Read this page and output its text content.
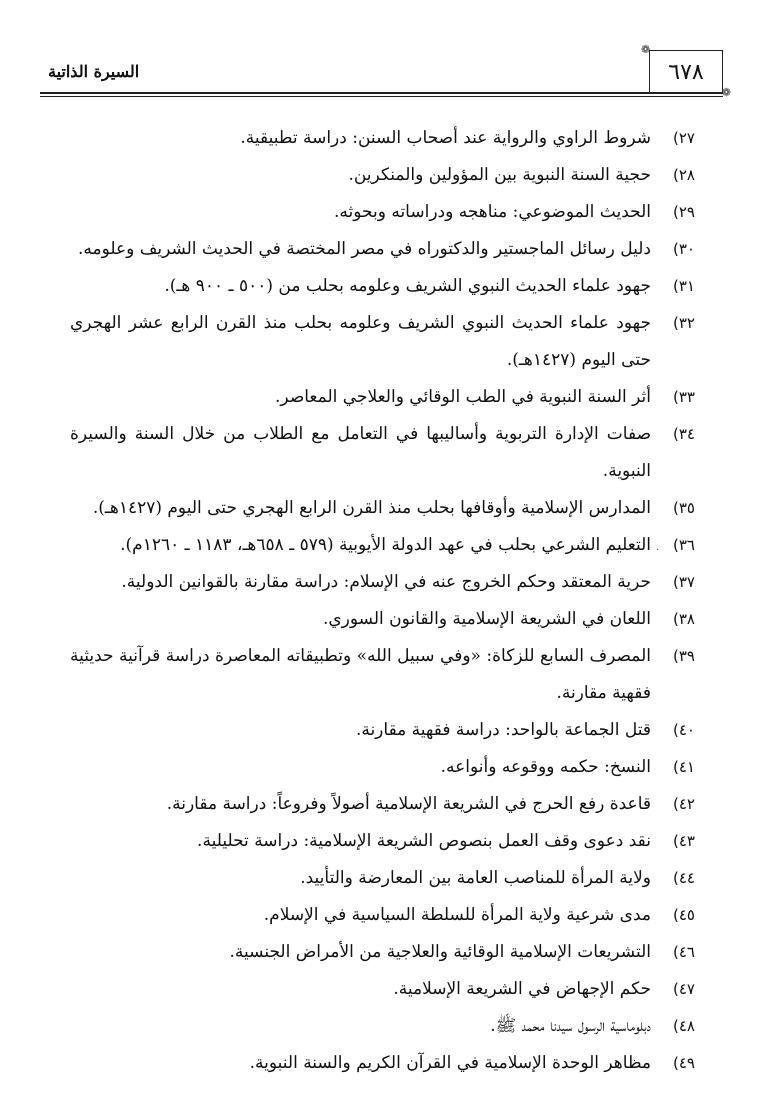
السيرة الذاتية
❁
٦٧٨
❁
٢٧)
شروط الراوي والرواية عند أصحاب السنن: دراسة تطبيقية.
٢٨)
حجية السنة النبوية بين المؤولين والمنكرين.
٢٩)
الحديث الموضوعي: مناهجه ودراساته وبحوثه.
٣٠)
دليل رسائل الماجستير والدكتوراه في مصر المختصة في الحديث الشريف وعلومه.
٣١)
جهود علماء الحديث النبوي الشريف وعلومه بحلب من (٥٠٠ ـ ٩٠٠ هـ).
٣٢)
جهود علماء الحديث النبوي الشريف وعلومه بحلب منذ القرن الرابع عشر الهجري حتى اليوم (١٤٢٧هـ).
٣٣)
أثر السنة النبوية في الطب الوقائي والعلاجي المعاصر.
٣٤)
صفات الإدارة التربوية وأساليبها في التعامل مع الطلاب من خلال السنة والسيرة النبوية.
٣٥)
المدارس الإسلامية وأوقافها بحلب منذ القرن الرابع الهجري حتى اليوم (١٤٢٧هـ).
٣٦)
التعليم الشرعي بحلب في عهد الدولة الأيوبية (٥٧٩ ـ ٦٥٨هـ، ١١٨٣ ـ ١٢٦٠م).
٣٧)
حرية المعتقد وحكم الخروج عنه في الإسلام: دراسة مقارنة بالقوانين الدولية.
٣٨)
اللعان في الشريعة الإسلامية والقانون السوري.
٣٩)
المصرف السابع للزكاة: «وفي سبيل الله» وتطبيقاته المعاصرة دراسة قرآنية حديثية فقهية مقارنة.
٤٠)
قتل الجماعة بالواحد: دراسة فقهية مقارنة.
٤١)
النسخ: حكمه ووقوعه وأنواعه.
٤٢)
قاعدة رفع الحرج في الشريعة الإسلامية أصولاً وفروعاً: دراسة مقارنة.
٤٣)
نقد دعوى وقف العمل بنصوص الشريعة الإسلامية: دراسة تحليلية.
٤٤)
ولاية المرأة للمناصب العامة بين المعارضة والتأييد.
٤٥)
مدى شرعية ولاية المرأة للسلطة السياسية في الإسلام.
٤٦)
التشريعات الإسلامية الوقائية والعلاجية من الأمراض الجنسية.
٤٧)
حكم الإجهاض في الشريعة الإسلامية.
٤٨)
دبلوماسية الرسول سيدنا محمد ﷺ.
٤٩)
مظاهر الوحدة الإسلامية في القرآن الكريم والسنة النبوية.
·
